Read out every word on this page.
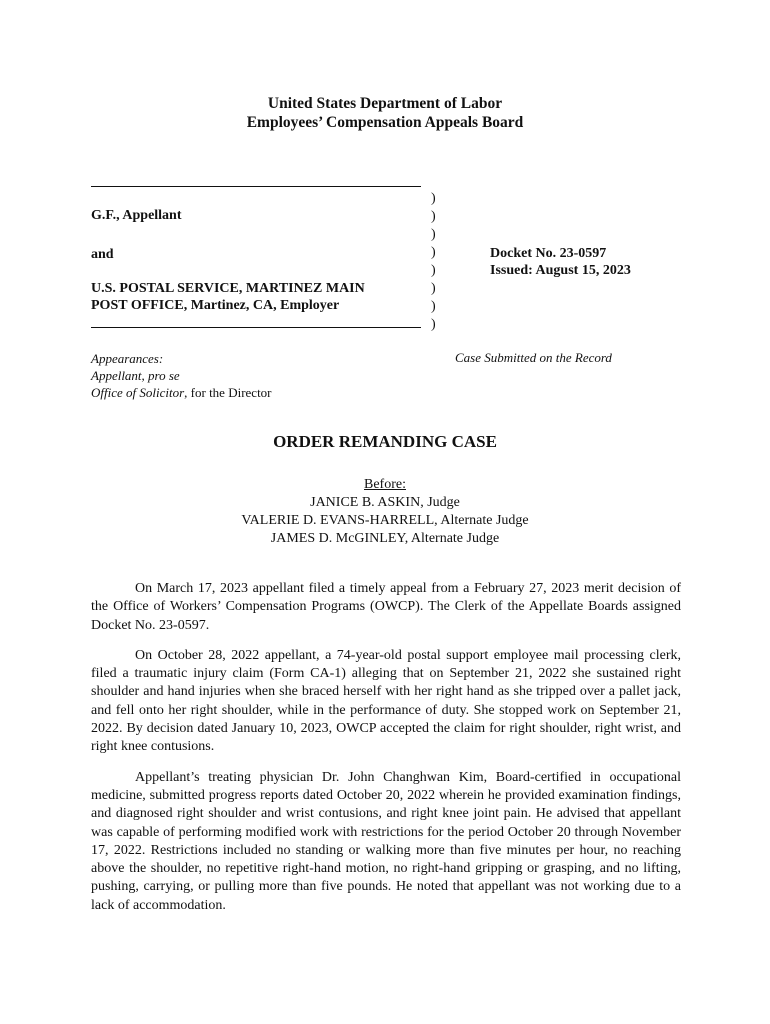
United States Department of Labor
Employees’ Compensation Appeals Board
)
)
)
)
)
)
)
)
G.F., Appellant
and
U.S. POSTAL SERVICE, MARTINEZ MAIN
POST OFFICE, Martinez, CA, Employer
Docket No. 23-0597
Issued: August 15, 2023
Appearances:
Appellant, pro se
Office of Solicitor, for the Director
Case Submitted on the Record
ORDER REMANDING CASE
Before:
JANICE B. ASKIN, Judge
VALERIE D. EVANS-HARRELL, Alternate Judge
JAMES D. McGINLEY, Alternate Judge

On March 17, 2023 appellant filed a timely appeal from a February 27, 2023 merit decision of the Office of Workers’ Compensation Programs (OWCP). The Clerk of the Appellate Boards assigned Docket No. 23-0597.

On October 28, 2022 appellant, a 74-year-old postal support employee mail processing clerk, filed a traumatic injury claim (Form CA-1) alleging that on September 21, 2022 she sustained right shoulder and hand injuries when she braced herself with her right hand as she tripped over a pallet jack, and fell onto her right shoulder, while in the performance of duty. She stopped work on September 21, 2022. By decision dated January 10, 2023, OWCP accepted the claim for right shoulder, right wrist, and right knee contusions.

Appellant’s treating physician Dr. John Changhwan Kim, Board-certified in occupational medicine, submitted progress reports dated October 20, 2022 wherein he provided examination findings, and diagnosed right shoulder and wrist contusions, and right knee joint pain. He advised that appellant was capable of performing modified work with restrictions for the period October 20 through November 17, 2022. Restrictions included no standing or walking more than five minutes per hour, no reaching above the shoulder, no repetitive right-hand motion, no right-hand gripping or grasping, and no lifting, pushing, carrying, or pulling more than five pounds. He noted that appellant was not working due to a lack of accommodation.
